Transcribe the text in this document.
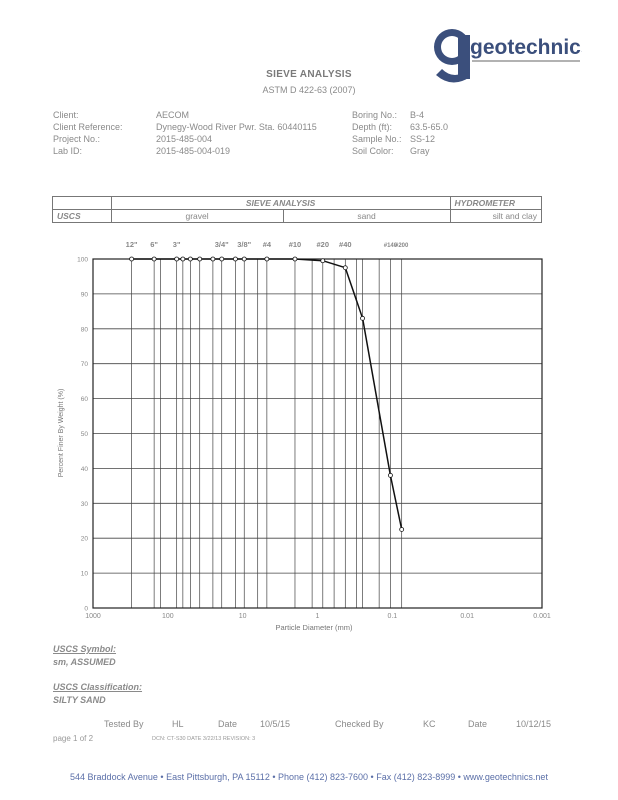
geotechnics
SIEVE ANALYSIS
ASTM D 422-63 (2007)
Client:	AECOM
Client Reference:	Dynegy-Wood River Pwr. Sta. 60440115
Project No.:	2015-485-004
Lab ID:	2015-485-004-019
Boring No.: B-4
Depth (ft): 63.5-65.0
Sample No.: SS-12
Soil Color: Gray
	SIEVE ANALYSIS		HYDROMETER
USCS	gravel	sand	silt and clay
0
10
20
30
40
50
60
70
80
90
100
1000	100	10	1	0.1	0.01	0.001
12" 6" 3"	3/4" 3/8" #4 #10 #20 #40	#140
#200
Particle Diameter (mm)
Percent Finer By Weight (%)
USCS Symbol:
sm, ASSUMED
USCS Classification:
SILTY SAND
Tested By	HL	Date	10/5/15	Checked By	KC	Date	10/12/15
page 1 of 2	DCN: CT-S30 DATE 3/22/13 REVISION: 3
544 Braddock Avenue • East Pittsburgh, PA 15112 • Phone (412) 823-7600 • Fax (412) 823-8999 • www.geotechnics.net
